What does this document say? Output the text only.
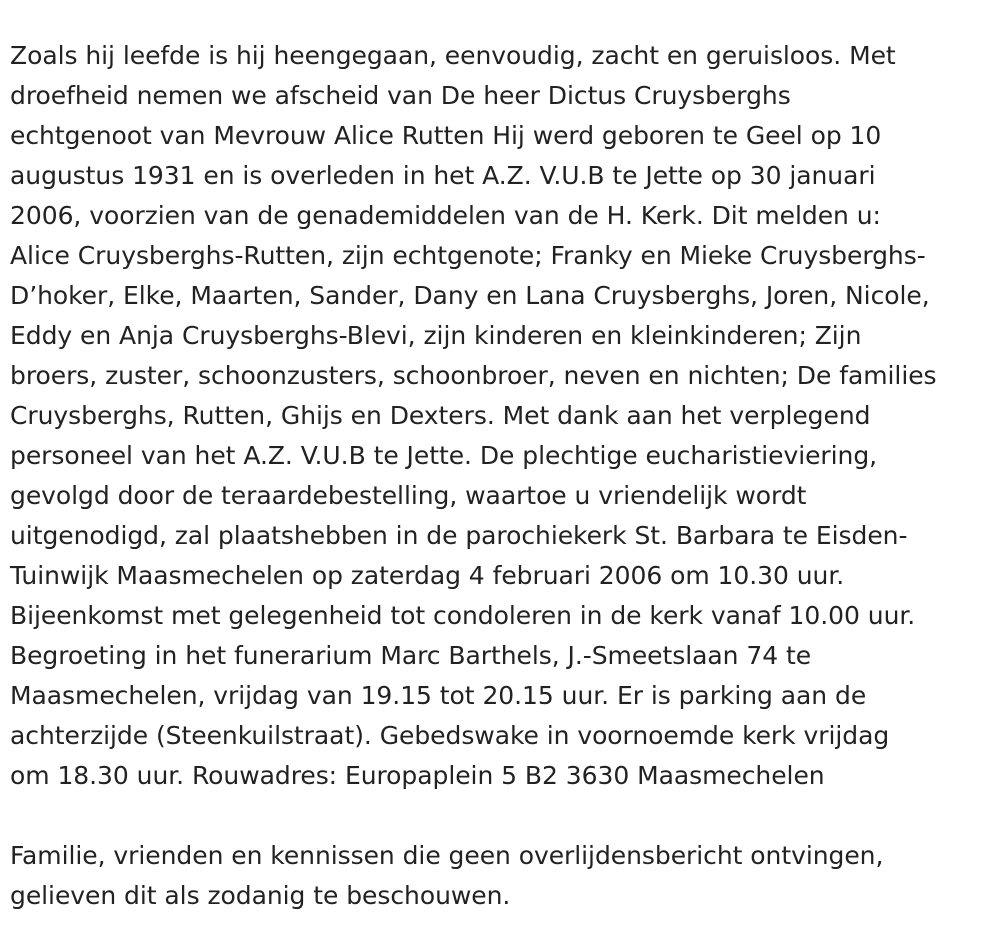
Zoals hij leefde is hij heengegaan, eenvoudig, zacht en geruisloos. Met
droefheid nemen we afscheid van De heer Dictus Cruysberghs
echtgenoot van Mevrouw Alice Rutten Hij werd geboren te Geel op 10
augustus 1931 en is overleden in het A.Z. V.U.B te Jette op 30 januari
2006, voorzien van de genademiddelen van de H. Kerk. Dit melden u:
Alice Cruysberghs-Rutten, zijn echtgenote; Franky en Mieke Cruysberghs-
D’hoker, Elke, Maarten, Sander, Dany en Lana Cruysberghs, Joren, Nicole,
Eddy en Anja Cruysberghs-Blevi, zijn kinderen en kleinkinderen; Zijn
broers, zuster, schoonzusters, schoonbroer, neven en nichten; De families
Cruysberghs, Rutten, Ghijs en Dexters. Met dank aan het verplegend
personeel van het A.Z. V.U.B te Jette. De plechtige eucharistieviering,
gevolgd door de teraardebestelling, waartoe u vriendelijk wordt
uitgenodigd, zal plaatshebben in de parochiekerk St. Barbara te Eisden-
Tuinwijk Maasmechelen op zaterdag 4 februari 2006 om 10.30 uur.
Bijeenkomst met gelegenheid tot condoleren in de kerk vanaf 10.00 uur.
Begroeting in het funerarium Marc Barthels, J.-Smeetslaan 74 te
Maasmechelen, vrijdag van 19.15 tot 20.15 uur. Er is parking aan de
achterzijde (Steenkuilstraat). Gebedswake in voornoemde kerk vrijdag
om 18.30 uur. Rouwadres: Europaplein 5 B2 3630 Maasmechelen
Familie, vrienden en kennissen die geen overlijdensbericht ontvingen,
gelieven dit als zodanig te beschouwen.
